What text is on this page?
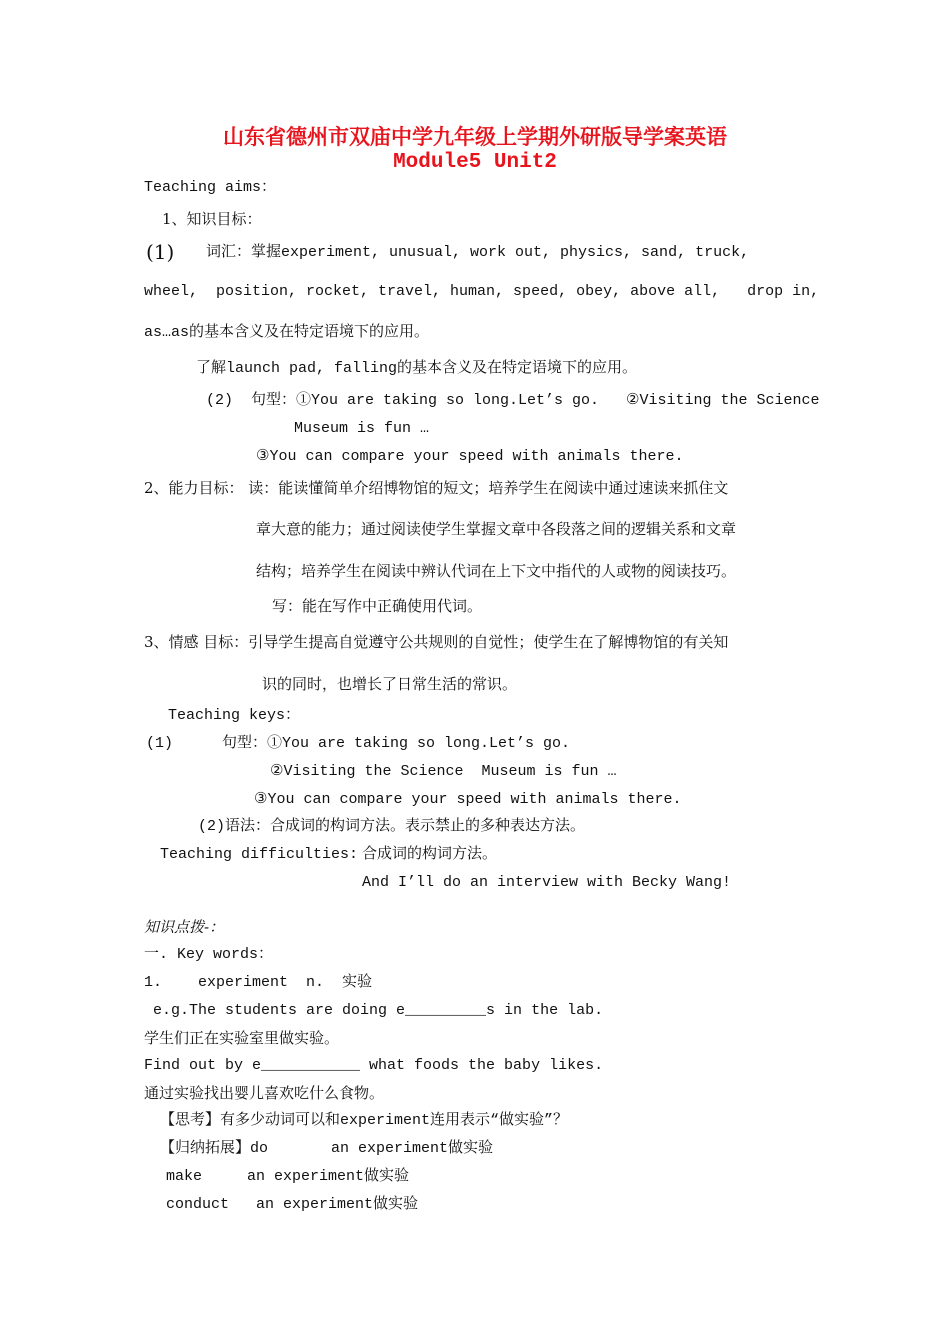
山东省德州市双庙中学九年级上学期外研版导学案英语
Module5 Unit2
Teaching aims：
1、知识目标：
(1) 词汇：掌握experiment, unusual, work out, physics, sand, truck,
wheel,  position, rocket, travel, human, speed, obey, above all,   drop in,
as…as的基本含义及在特定语境下的应用。
了解launch pad, falling的基本含义及在特定语境下的应用。
(2)  句型：①You are taking so long.Let’s go.   ②Visiting the Science
Museum is fun …
③You can compare your speed with animals there.
2、能力目标： 读：能读懂简单介绍博物馆的短文；培养学生在阅读中通过速读来抓住文
章大意的能力；通过阅读使学生掌握文章中各段落之间的逻辑关系和文章
结构；培养学生在阅读中辨认代词在上下文中指代的人或物的阅读技巧。
写：能在写作中正确使用代词。
3、情感 目标：引导学生提高自觉遵守公共规则的自觉性；使学生在了解博物馆的有关知
识的同时，也增长了日常生活的常识。
Teaching keys：
(1)	句型：①You are taking so long.Let’s go.
②Visiting the Science  Museum is fun …
③You can compare your speed with animals there.
(2)语法：合成词的构词方法。表示禁止的多种表达方法。
Teaching difficulties: 合成词的构词方法。
And I’ll do an interview with Becky Wang!
知识点拨-：
一. Key words：
1.    experiment  n.  实验
e.g.The students are doing e_________s in the lab.
学生们正在实验室里做实验。
Find out by e___________ what foods the baby likes.
通过实验找出婴儿喜欢吃什么食物。
【思考】有多少动词可以和experiment连用表示“做实验”？
【归纳拓展】do       an experiment做实验
make     an experiment做实验
conduct   an experiment做实验
